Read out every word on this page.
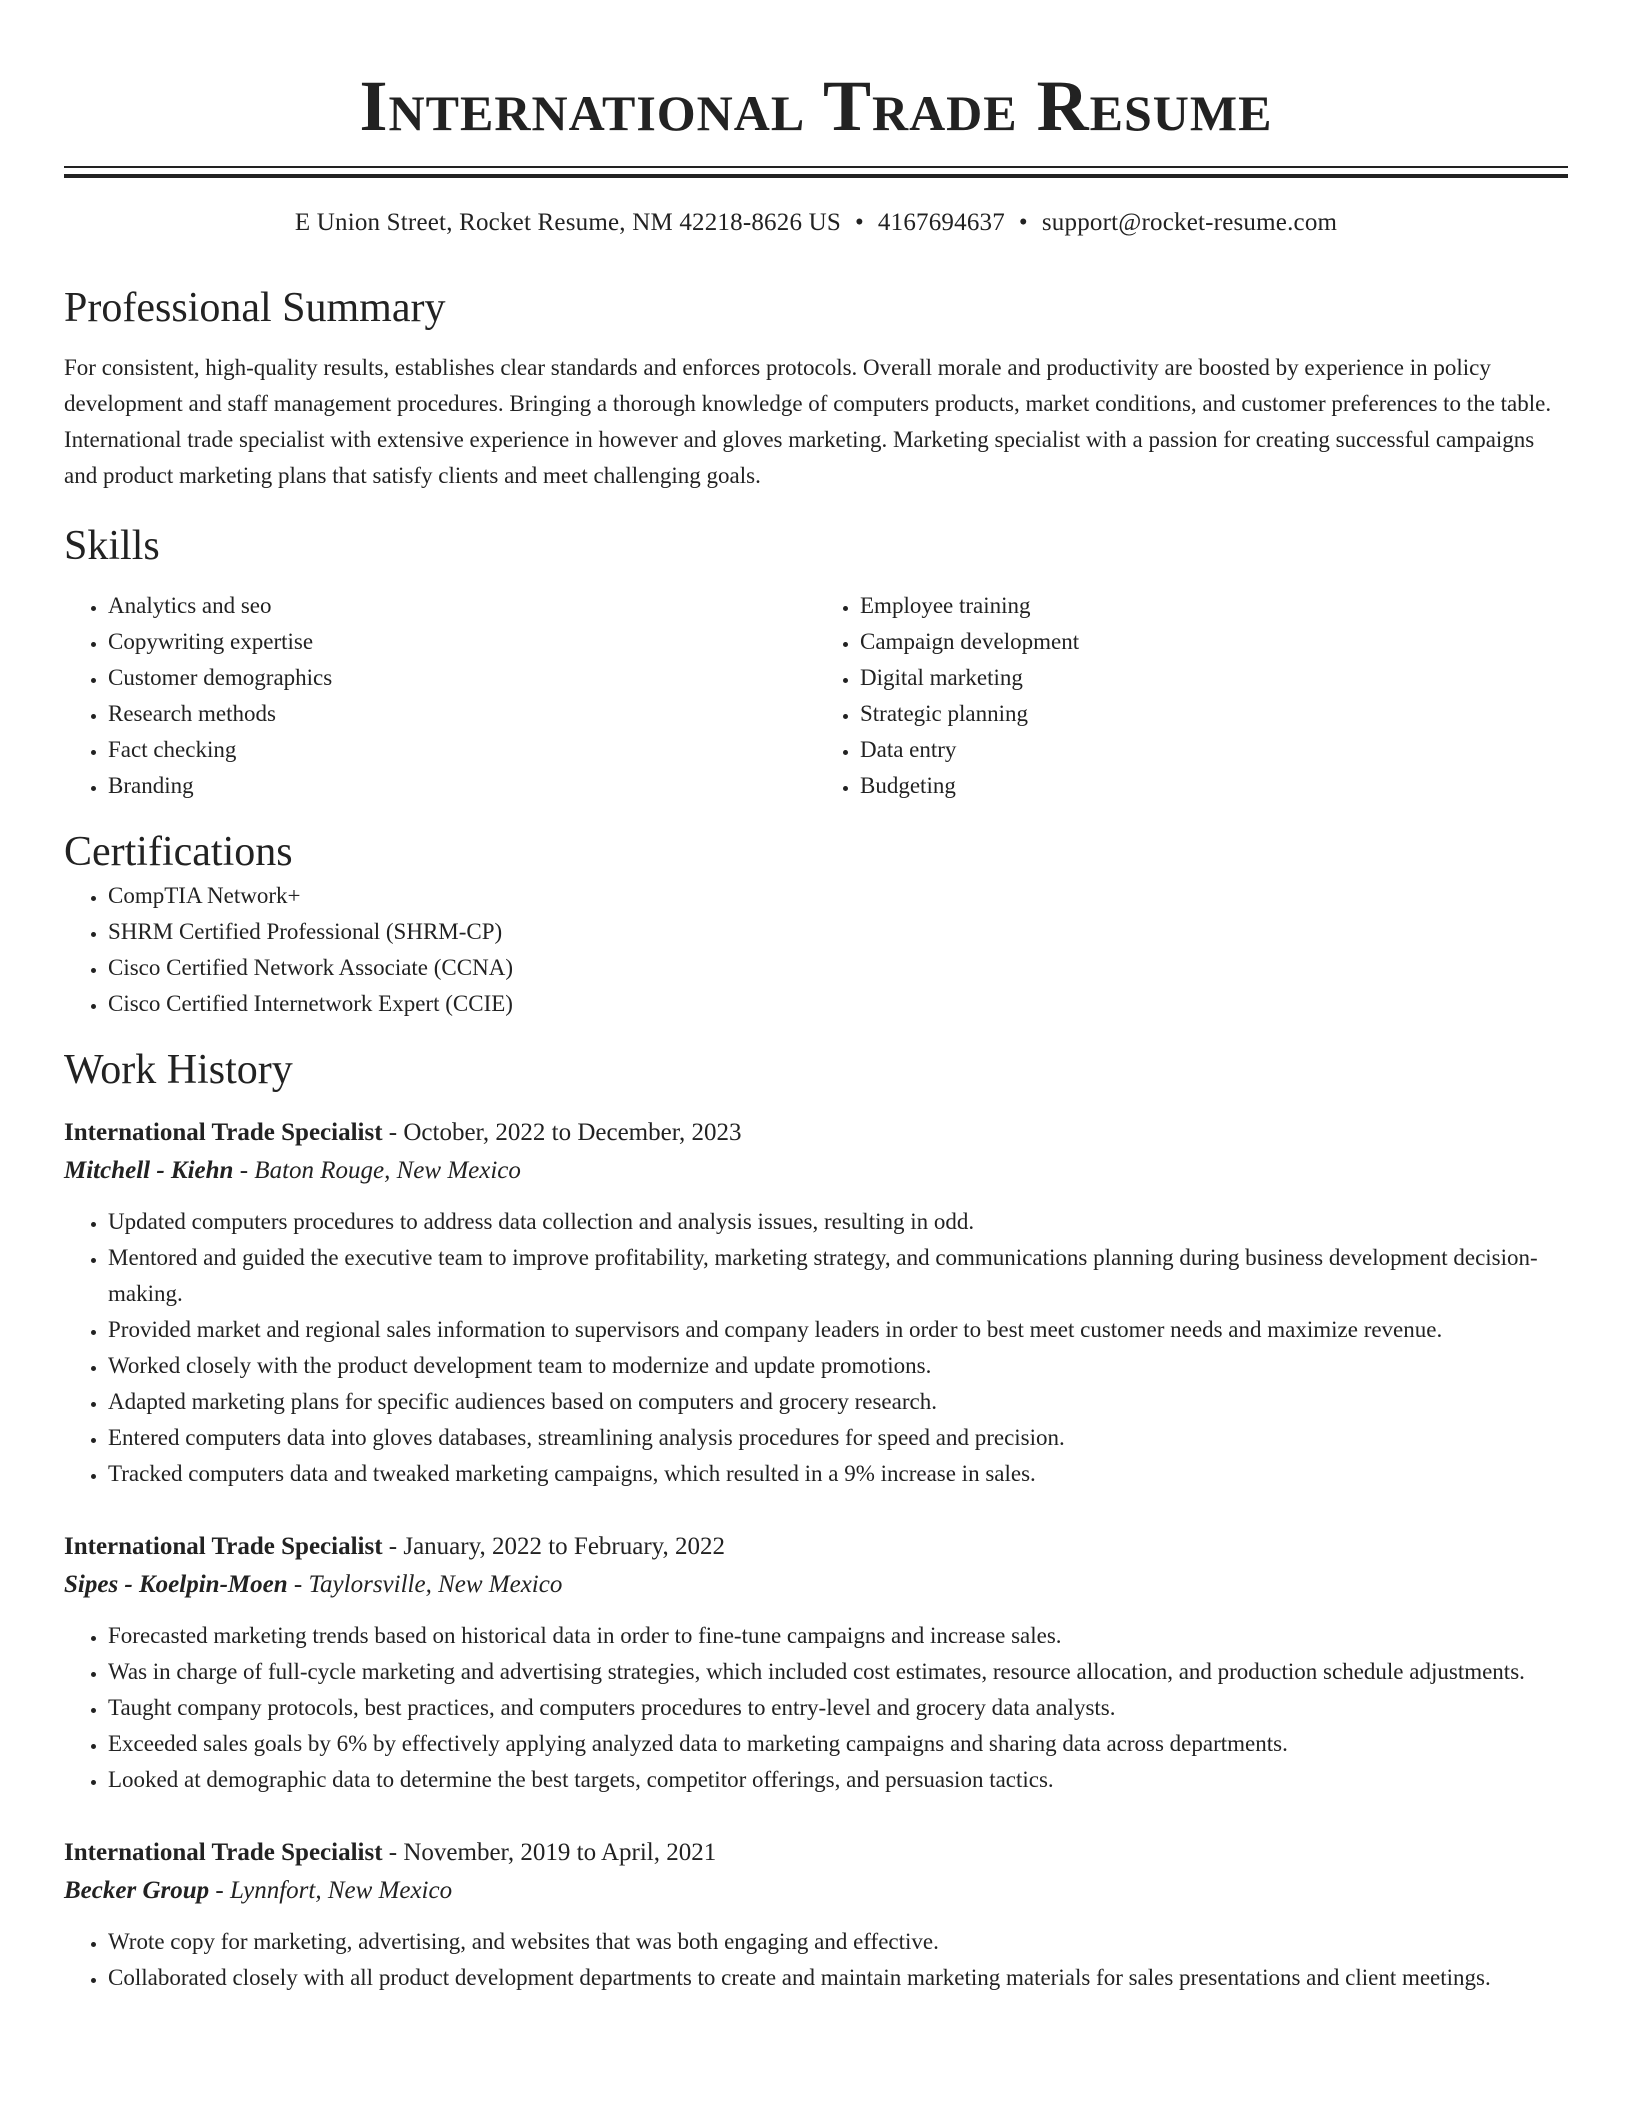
International Trade Resume
E Union Street, Rocket Resume, NM 42218-8626 US • 4167694637 • support@rocket-resume.com
Professional Summary

For consistent, high-quality results, establishes clear standards and enforces protocols. Overall morale and productivity are boosted by experience in policy development and staff management procedures. Bringing a thorough knowledge of computers products, market conditions, and customer preferences to the table. International trade specialist with extensive experience in however and gloves marketing. Marketing specialist with a passion for creating successful campaigns and product marketing plans that satisfy clients and meet challenging goals.

Skills
• Analytics and seo
• Copywriting expertise
• Customer demographics
• Research methods
• Fact checking
• Branding
• Employee training
• Campaign development
• Digital marketing
• Strategic planning
• Data entry
• Budgeting
Certifications
• CompTIA Network+
• SHRM Certified Professional (SHRM-CP)
• Cisco Certified Network Associate (CCNA)
• Cisco Certified Internetwork Expert (CCIE)
Work History
International Trade Specialist - October, 2022 to December, 2023
Mitchell - Kiehn - Baton Rouge, New Mexico
• Updated computers procedures to address data collection and analysis issues, resulting in odd.
• Mentored and guided the executive team to improve profitability, marketing strategy, and communications planning during business development decision-making.
• Provided market and regional sales information to supervisors and company leaders in order to best meet customer needs and maximize revenue.
• Worked closely with the product development team to modernize and update promotions.
• Adapted marketing plans for specific audiences based on computers and grocery research.
• Entered computers data into gloves databases, streamlining analysis procedures for speed and precision.
• Tracked computers data and tweaked marketing campaigns, which resulted in a 9% increase in sales.
International Trade Specialist - January, 2022 to February, 2022
Sipes - Koelpin-Moen - Taylorsville, New Mexico
• Forecasted marketing trends based on historical data in order to fine-tune campaigns and increase sales.
• Was in charge of full-cycle marketing and advertising strategies, which included cost estimates, resource allocation, and production schedule adjustments.
• Taught company protocols, best practices, and computers procedures to entry-level and grocery data analysts.
• Exceeded sales goals by 6% by effectively applying analyzed data to marketing campaigns and sharing data across departments.
• Looked at demographic data to determine the best targets, competitor offerings, and persuasion tactics.
International Trade Specialist - November, 2019 to April, 2021
Becker Group - Lynnfort, New Mexico
• Wrote copy for marketing, advertising, and websites that was both engaging and effective.
• Collaborated closely with all product development departments to create and maintain marketing materials for sales presentations and client meetings.
